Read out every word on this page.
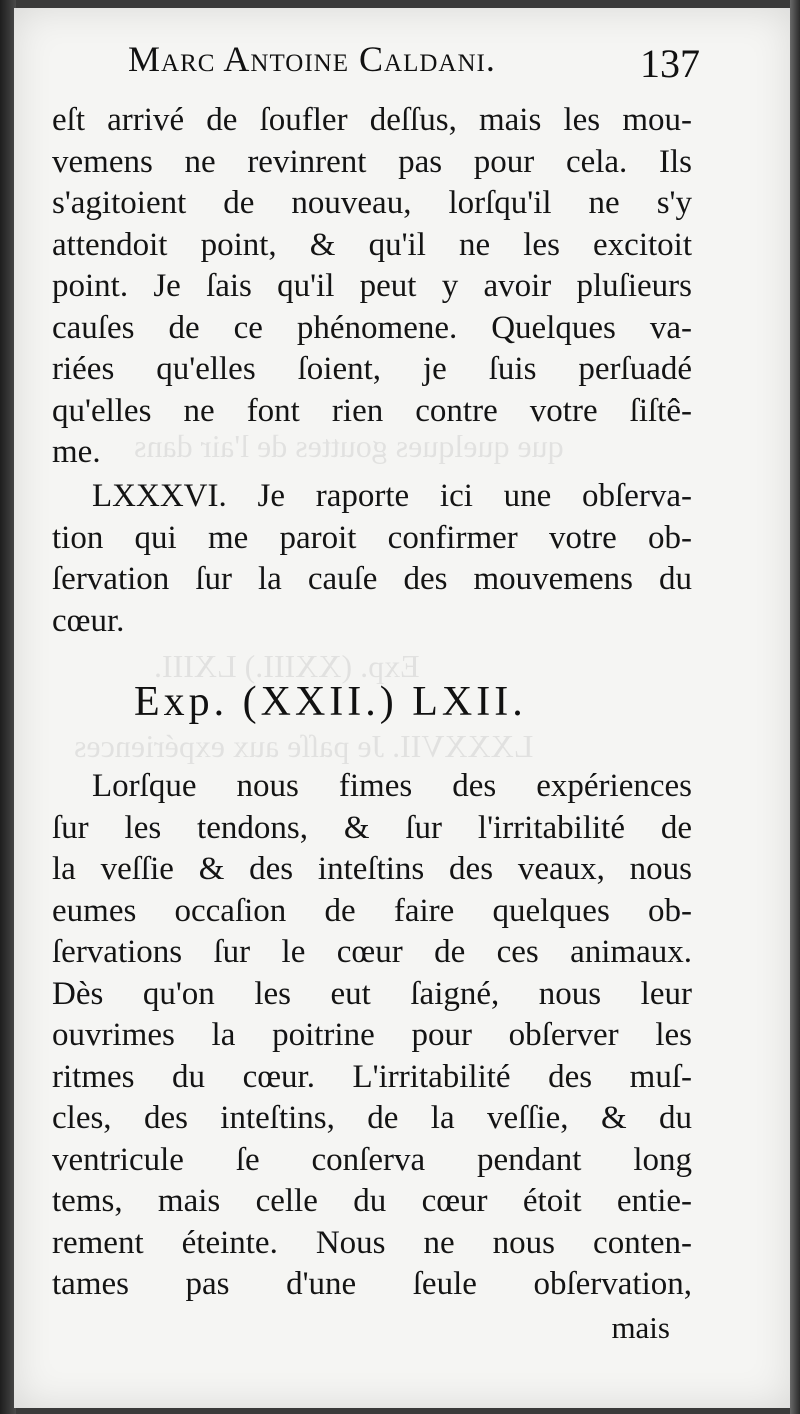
que quelques gouttes de l'air dans
Exp. (XXIII.) LXIII.
LXXXVII. Je paſſe aux expériences
Marc Antoine Caldani.	137
eſt arrivé de ſoufler deſſus, mais les mou-
vemens ne revinrent pas pour cela. Ils
s'agitoient de nouveau, lorſqu'il ne s'y
attendoit point, & qu'il ne les excitoit
point. Je ſais qu'il peut y avoir pluſieurs
cauſes de ce phénomene. Quelques va-
riées qu'elles ſoient, je ſuis perſuadé
qu'elles ne font rien contre votre ſiſtê-
me.
LXXXVI. Je raporte ici une obſerva-
tion qui me paroit confirmer votre ob-
ſervation ſur la cauſe des mouvemens du
cœur.
Exp. (XXII.) LXII.
Lorſque nous fimes des expériences
ſur les tendons, & ſur l'irritabilité de
la veſſie & des inteſtins des veaux, nous
eumes occaſion de faire quelques ob-
ſervations ſur le cœur de ces animaux.
Dès qu'on les eut ſaigné, nous leur
ouvrimes la poitrine pour obſerver les
ritmes du cœur. L'irritabilité des muſ-
cles, des inteſtins, de la veſſie, & du
ventricule ſe conſerva pendant long
tems, mais celle du cœur étoit entie-
rement éteinte. Nous ne nous conten-
tames pas d'une ſeule obſervation,
mais
